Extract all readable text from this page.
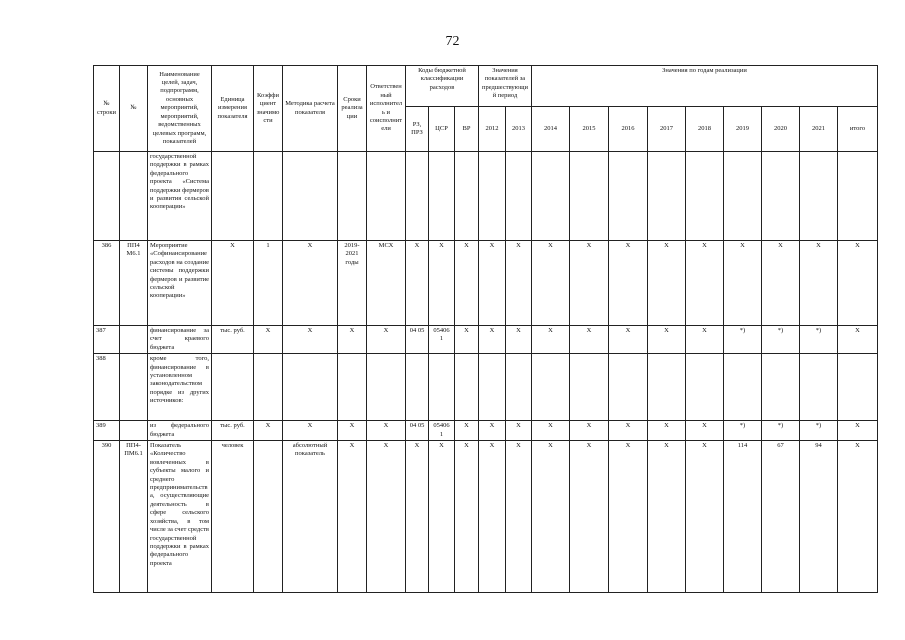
72
№ строки	№	Наименование целей, задач, подпрограмм, основных мероприятий, мероприятий, ведомственных целевых программ, показателей	Единица измерения показателя	Коэффициент значимости	Методика расчета показателя	Сроки реализации	Ответственный исполнитель и соисполнители	Коды бюджетной классификации расходов			Значения показателей за предшествующий период		Значения по годам реализации								
								РЗ, ПРЗ	ЦСР	ВР	2012	2013	2014	2015	2016	2017	2018	2019	2020	2021	итого
		государственной поддержки в рамках федерального проекта «Система поддержки фермеров и развития сельской кооперации»																			
386	ПП4 М6.1	Мероприятие «Софинансирование расходов на создание системы поддержки фермеров и развитие сельской кооперации»	X	1	X	2019-2021 годы	МСХ	X	X	X	X	X	X	X	X	X	X	X	X	X	X
387		финансирование за счет краевого бюджета	тыс. руб.	X	X	X	X	04 05	05406 1	X	X	X	X	X	X	X	X	*)	*)	*)	X
388		кроме того, финансирование в установленном законодательством порядке из других источников:																			
389		из федерального бюджета	тыс. руб.	X	X	X	X	04 05	05406 1	X	X	X	X	X	X	X	X	*)	*)	*)	X
390	ПП4-ПМ6.1	Показатель «Количество вовлеченных в субъекты малого и среднего предпринимательства, осуществляющие деятельность в сфере сельского хозяйства, в том числе за счет средств государственной поддержки в рамках федерального проекта	человек		абсолютный показатель	X	X	X	X	X	X	X	X	X	X	X	X	114	67	94	X
